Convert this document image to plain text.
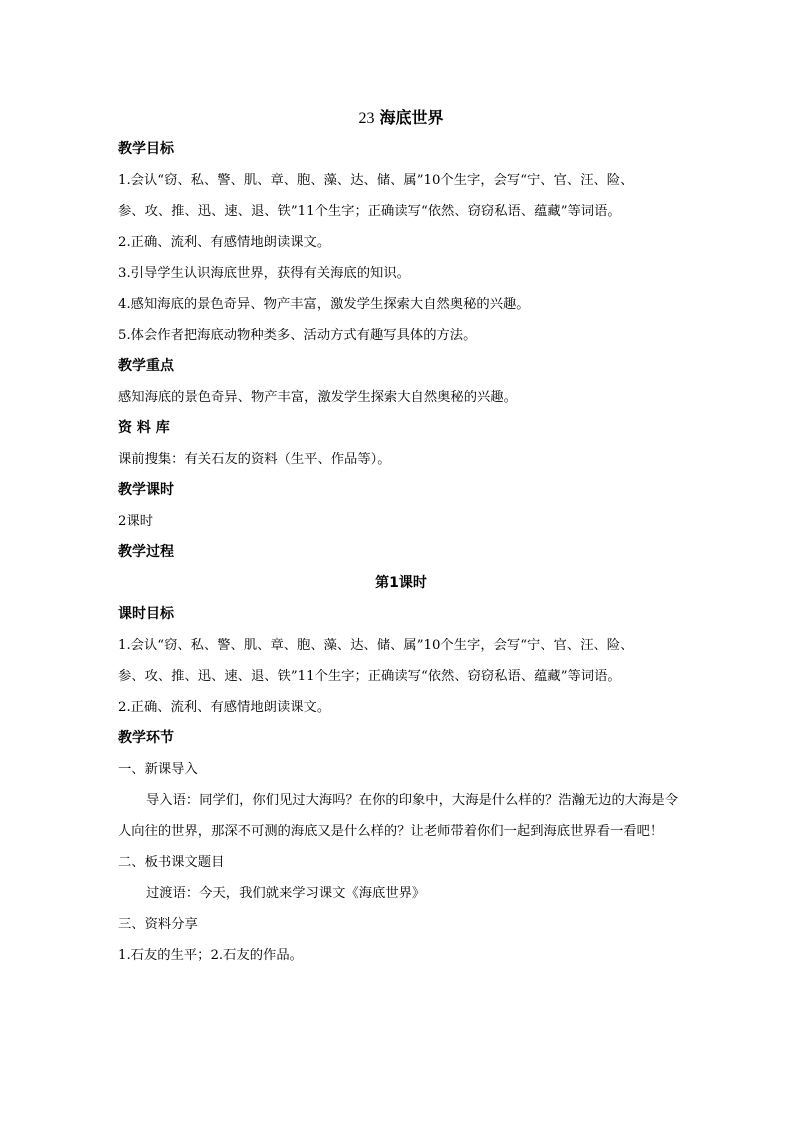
23 海底世界
教学目标
1.会认“窃、私、警、肌、章、胞、藻、达、储、属”10个生字，会写“宁、官、汪、险、
参、攻、推、迅、速、退、铁”11个生字；正确读写“依然、窃窃私语、蕴藏”等词语。
2.正确、流利、有感情地朗读课文。
3.引导学生认识海底世界，获得有关海底的知识。
4.感知海底的景色奇异、物产丰富，激发学生探索大自然奥秘的兴趣。
5.体会作者把海底动物种类多、活动方式有趣写具体的方法。
教学重点
感知海底的景色奇异、物产丰富，激发学生探索大自然奥秘的兴趣。
资 料 库
课前搜集：有关石友的资料（生平、作品等）。
教学课时
2课时
教学过程
第1课时
课时目标
1.会认“窃、私、警、肌、章、胞、藻、达、储、属”10个生字，会写“宁、官、汪、险、
参、攻、推、迅、速、退、铁”11个生字；正确读写“依然、窃窃私语、蕴藏”等词语。
2.正确、流利、有感情地朗读课文。
教学环节
一、新课导入
导入语：同学们，你们见过大海吗？在你的印象中，大海是什么样的？浩瀚无边的大海是令人向往的世界，那深不可测的海底又是什么样的？让老师带着你们一起到海底世界看一看吧！
二、板书课文题目
过渡语：今天，我们就来学习课文《海底世界》
三、资料分享
1.石友的生平；2.石友的作品。
